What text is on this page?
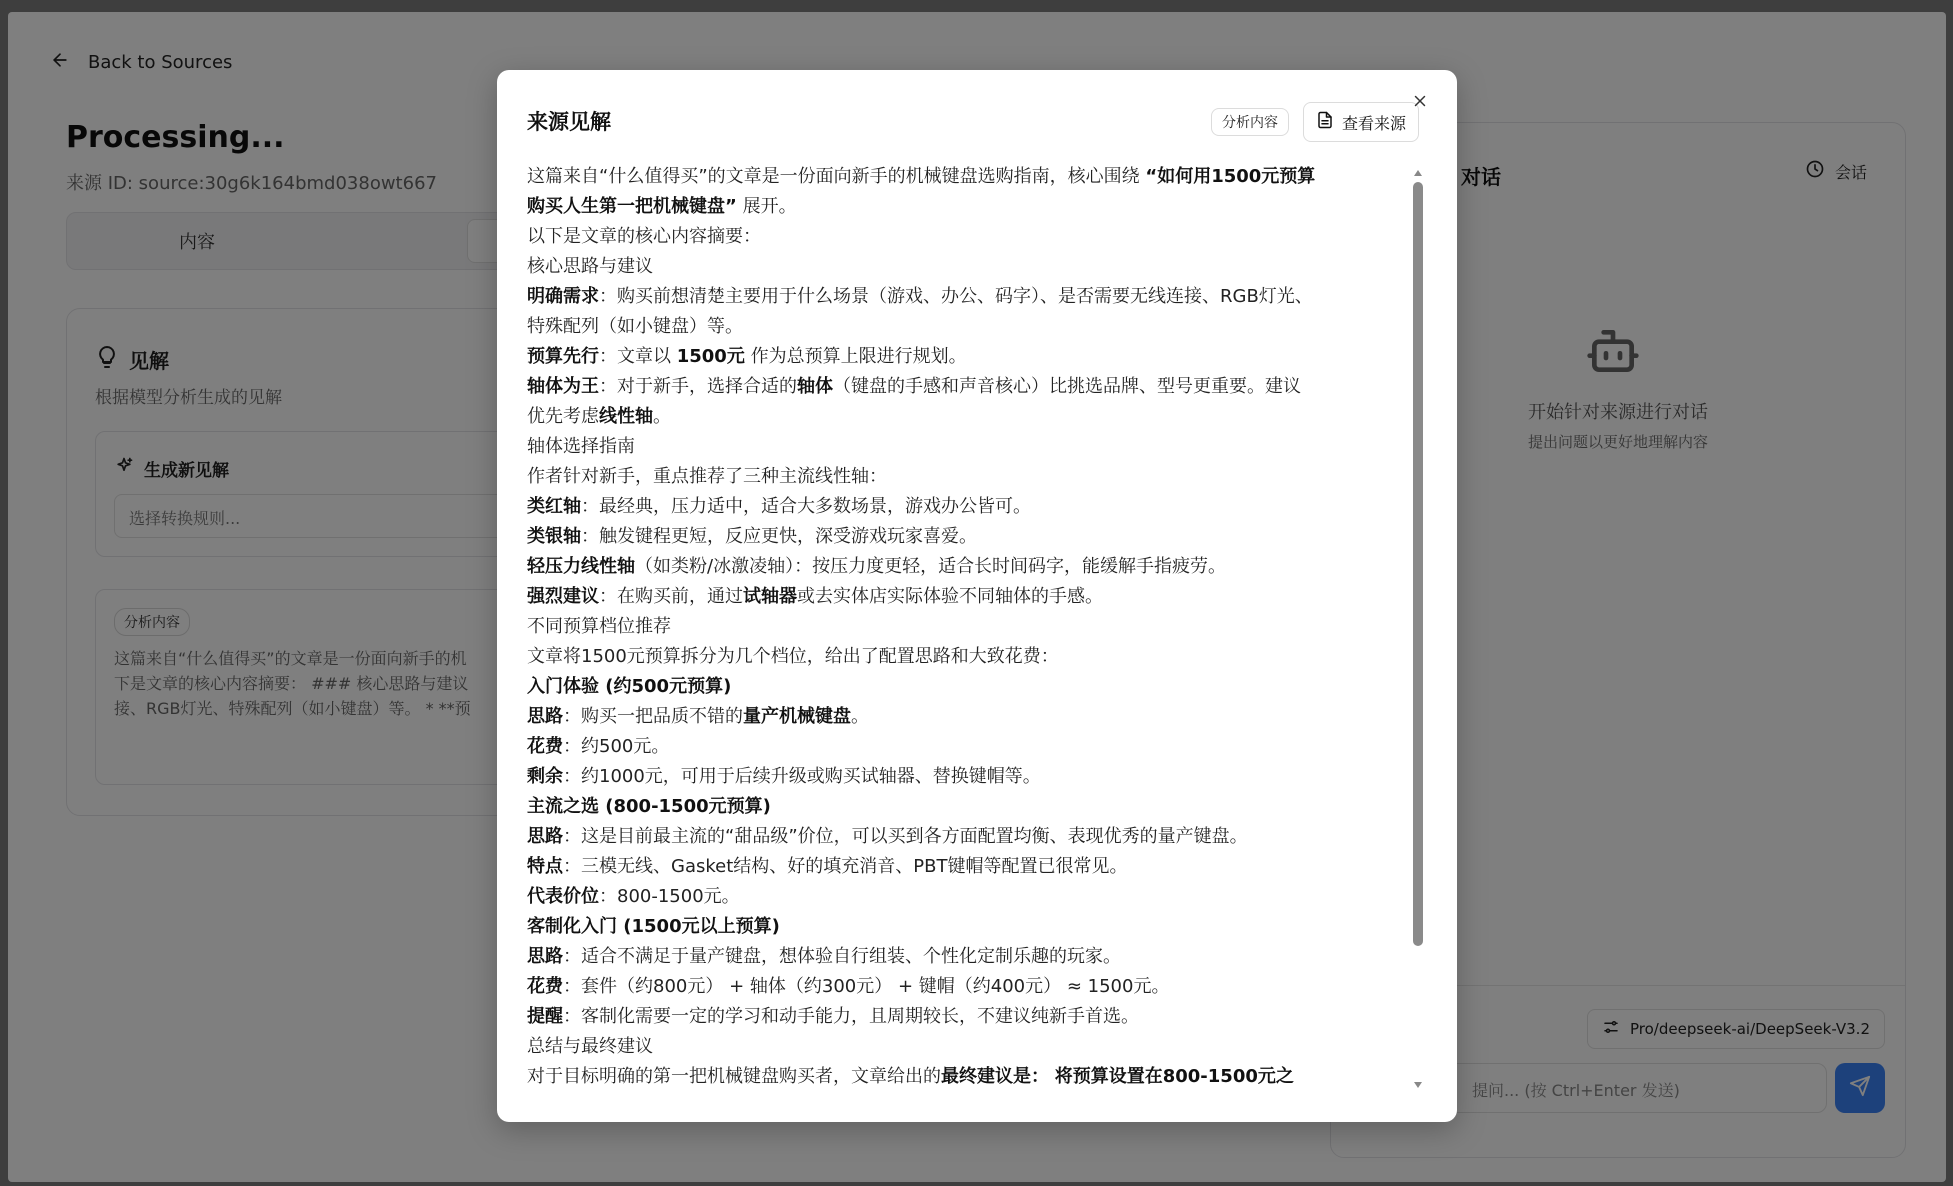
来源见解	分析内容	查看来源
这篇来自“什么值得买”的文章是一份面向新手的机械键盘选购指南，核心围绕 “如何用1500元预算
购买人生第一把机械键盘” 展开。
以下是文章的核心内容摘要：
核心思路与建议
明确需求：购买前想清楚主要用于什么场景（游戏、办公、码字）、是否需要无线连接、RGB灯光、
特殊配列（如小键盘）等。
预算先行：文章以 1500元 作为总预算上限进行规划。
轴体为王：对于新手，选择合适的轴体（键盘的手感和声音核心）比挑选品牌、型号更重要。建议
优先考虑线性轴。
轴体选择指南
作者针对新手，重点推荐了三种主流线性轴：
类红轴：最经典，压力适中，适合大多数场景，游戏办公皆可。
类银轴：触发键程更短，反应更快，深受游戏玩家喜爱。
轻压力线性轴（如类粉/冰激凌轴）：按压力度更轻，适合长时间码字，能缓解手指疲劳。
强烈建议：在购买前，通过试轴器或去实体店实际体验不同轴体的手感。
不同预算档位推荐
文章将1500元预算拆分为几个档位，给出了配置思路和大致花费：
入门体验 (约500元预算)
思路：购买一把品质不错的量产机械键盘。
花费：约500元。
剩余：约1000元，可用于后续升级或购买试轴器、替换键帽等。
主流之选 (800-1500元预算)
思路：这是目前最主流的“甜品级”价位，可以买到各方面配置均衡、表现优秀的量产键盘。
特点：三模无线、Gasket结构、好的填充消音、PBT键帽等配置已很常见。
代表价位：800-1500元。
客制化入门 (1500元以上预算)
思路：适合不满足于量产键盘，想体验自行组装、个性化定制乐趣的玩家。
花费：套件（约800元） + 轴体（约300元） + 键帽（约400元） ≈ 1500元。
提醒：客制化需要一定的学习和动手能力，且周期较长，不建议纯新手首选。
总结与最终建议
对于目标明确的第一把机械键盘购买者，文章给出的最终建议是： 将预算设置在800-1500元之
